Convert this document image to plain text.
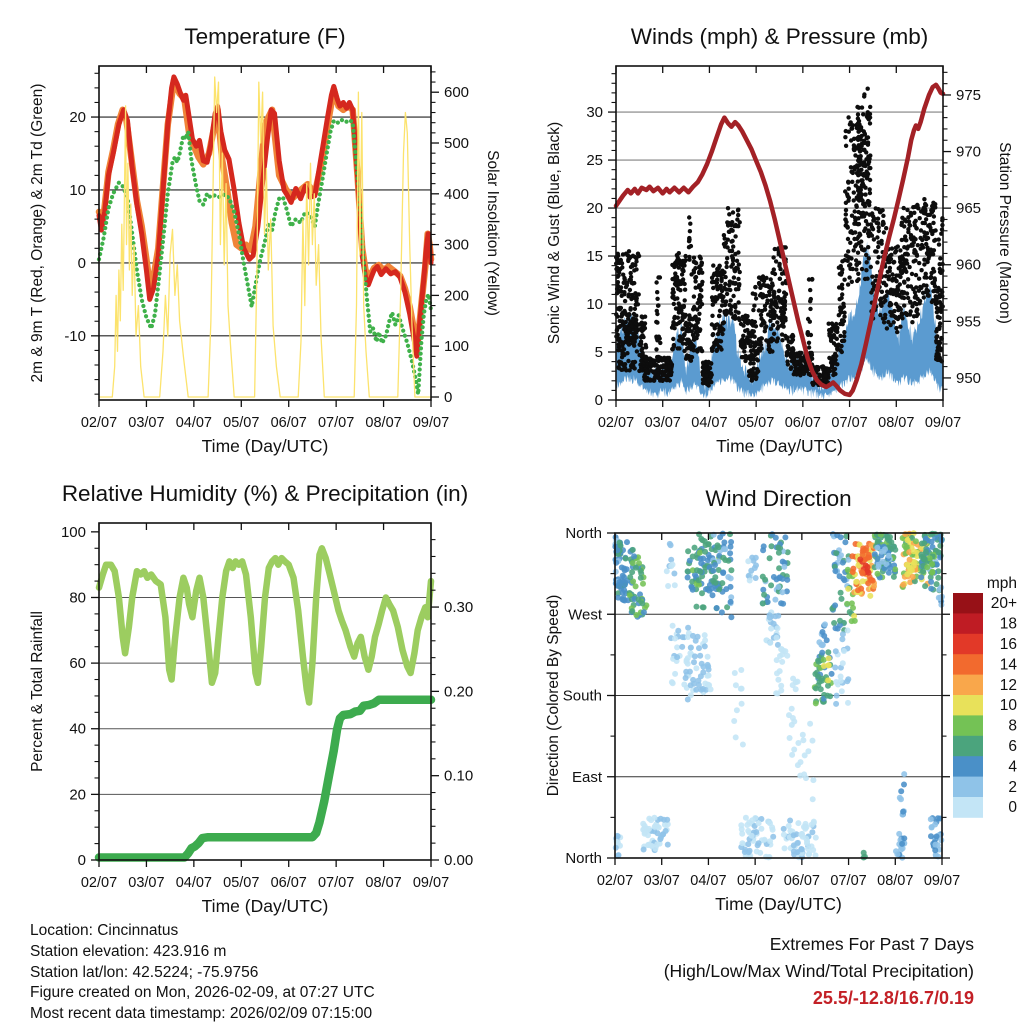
-10
0
10
20
0
100
200
300
400
500
600
02/07 03/07 04/07 05/07 06/07 07/07 08/07 09/07
Temperature (F)
Time (Day/UTC)
2m & 9m T (Red, Orange) & 2m Td (Green)	Solar Insolation (Yellow)
0
5
10
15
20
25
30
950
955
960
965
970
975
02/07 03/07 04/07 05/07 06/07 07/07 08/07 09/07
Winds (mph) & Pressure (mb)
Time (Day/UTC)
Sonic Wind & Gust (Blue, Black)	Station Pressure (Maroon)
0
20
40
60
80
100
0.00
0.10
0.20
0.30
02/07 03/07 04/07 05/07 06/07 07/07 08/07 09/07
Relative Humidity (%) & Precipitation (in)
Time (Day/UTC)
Percent & Total Rainfall
North
East
South
West
North
02/07 03/07 04/07 05/07 06/07 07/07 08/07 09/07
Wind Direction
Time (Day/UTC)
Direction (Colored By Speed)
mph
20+
18
16
14
12
10
8
6
4
2
0
Location: Cincinnatus
Station elevation: 423.916 m
Station lat/lon: 42.5224; -75.9756
Figure created on Mon, 2026-02-09, at 07:27 UTC
Most recent data timestamp: 2026/02/09 07:15:00
Extremes For Past 7 Days
(High/Low/Max Wind/Total Precipitation)
25.5/-12.8/16.7/0.19
